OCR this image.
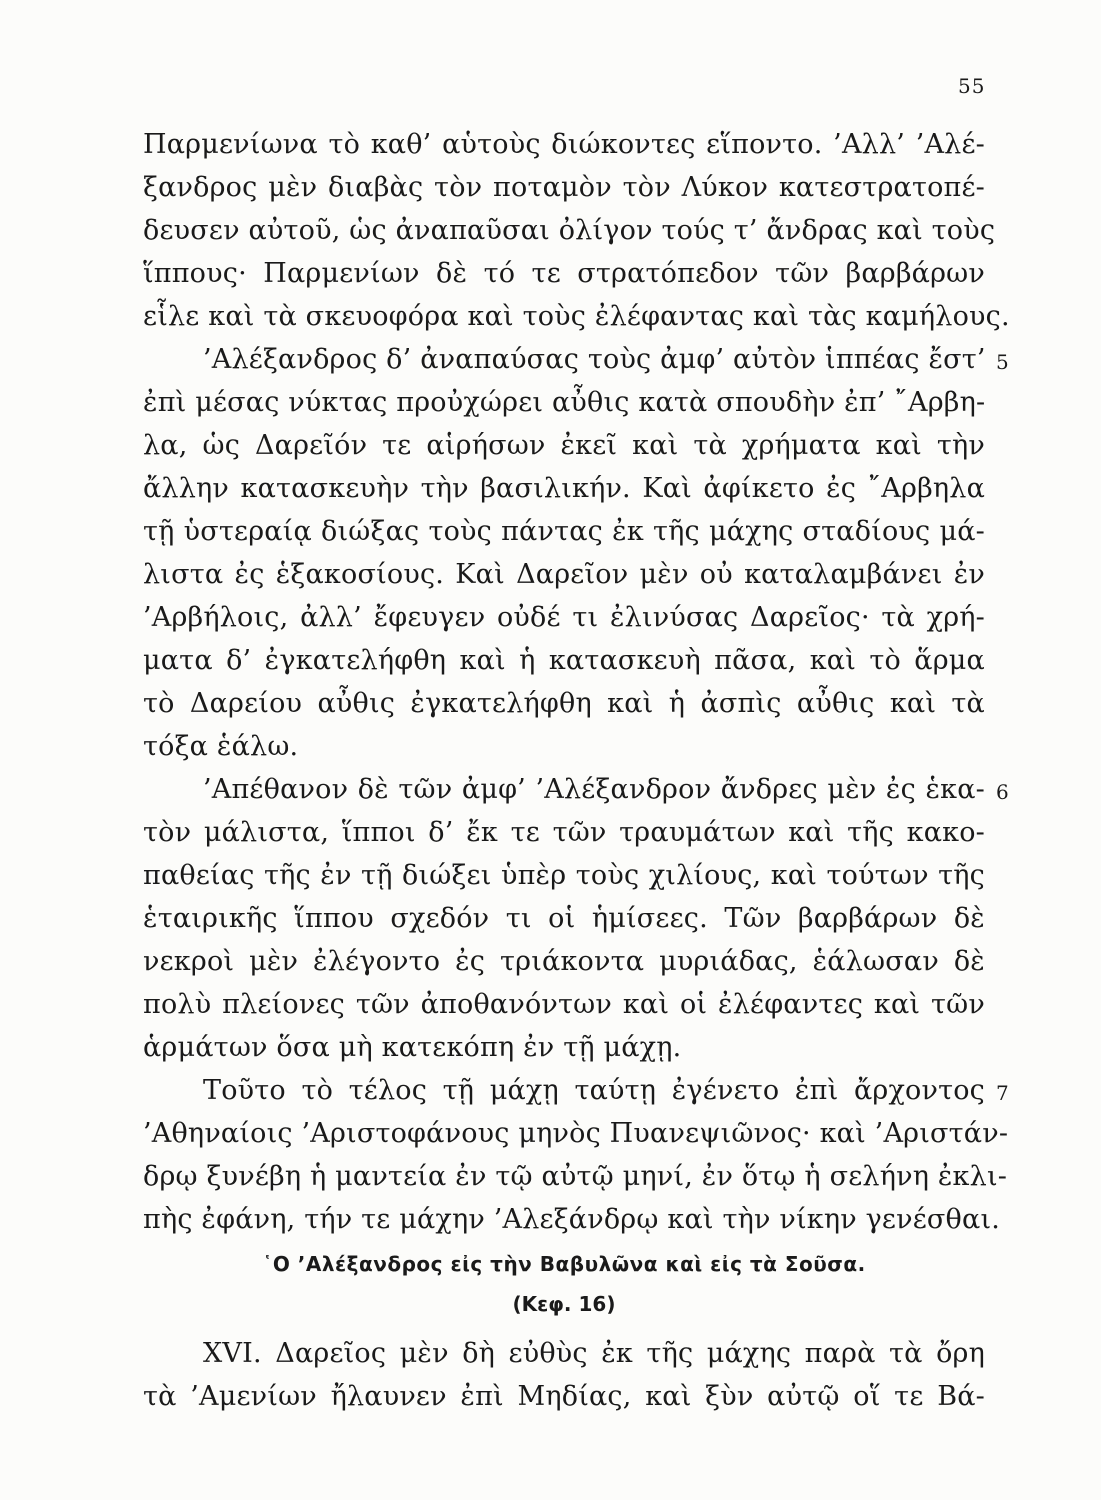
55
Παρμενίωνα τὸ καθ’ αὑτοὺς διώκοντες εἵποντο. ’Αλλ’ ’Αλέ-
ξανδρος μὲν διαβὰς τὸν ποταμὸν τὸν Λύκον κατεστρατοπέ-
δευσεν αὐτοῦ, ὡς ἀναπαῦσαι ὀλίγον τούς τ’ ἄνδρας καὶ τοὺς
ἵππους· Παρμενίων δὲ τό τε στρατόπεδον τῶν βαρβάρων
εἷλε καὶ τὰ σκευοφόρα καὶ τοὺς ἐλέφαντας καὶ τὰς καμήλους.
’Αλέξανδρος δ’ ἀναπαύσας τοὺς ἀμφ’ αὐτὸν ἱππέας ἔστ’ 5
ἐπὶ μέσας νύκτας προὐχώρει αὖθις κατὰ σπουδὴν ἐπ’ ῎Αρβη-
λα, ὡς Δαρεῖόν τε αἱρήσων ἐκεῖ καὶ τὰ χρήματα καὶ τὴν
ἄλλην κατασκευὴν τὴν βασιλικήν. Καὶ ἀφίκετο ἐς ῎Αρβηλα
τῇ ὑστεραίᾳ διώξας τοὺς πάντας ἐκ τῆς μάχης σταδίους μά-
λιστα ἐς ἑξακοσίους. Καὶ Δαρεῖον μὲν οὐ καταλαμβάνει ἐν
’Αρβήλοις, ἀλλ’ ἔφευγεν οὐδέ τι ἐλινύσας Δαρεῖος· τὰ χρή-
ματα δ’ ἐγκατελήφθη καὶ ἡ κατασκευὴ πᾶσα, καὶ τὸ ἅρμα
τὸ Δαρείου αὖθις ἐγκατελήφθη καὶ ἡ ἀσπὶς αὖθις καὶ τὰ
τόξα ἑάλω.
’Απέθανον δὲ τῶν ἀμφ’ ’Αλέξανδρον ἄνδρες μὲν ἐς ἑκα- 6
τὸν μάλιστα, ἵπποι δ’ ἔκ τε τῶν τραυμάτων καὶ τῆς κακο-
παθείας τῆς ἐν τῇ διώξει ὑπὲρ τοὺς χιλίους, καὶ τούτων τῆς
ἑταιρικῆς ἵππου σχεδόν τι οἱ ἡμίσεες. Τῶν βαρβάρων δὲ
νεκροὶ μὲν ἐλέγοντο ἐς τριάκοντα μυριάδας, ἑάλωσαν δὲ
πολὺ πλείονες τῶν ἀποθανόντων καὶ οἱ ἐλέφαντες καὶ τῶν
ἁρμάτων ὅσα μὴ κατεκόπη ἐν τῇ μάχῃ.
Τοῦτο τὸ τέλος τῇ μάχῃ ταύτῃ ἐγένετο ἐπὶ ἄρχοντος 7
’Αθηναίοις ’Αριστοφάνους μηνὸς Πυανεψιῶνος· καὶ ’Αριστάν-
δρῳ ξυνέβη ἡ μαντεία ἐν τῷ αὐτῷ μηνί, ἐν ὅτῳ ἡ σελήνη ἐκλι-
πὴς ἐφάνη, τήν τε μάχην ’Αλεξάνδρῳ καὶ τὴν νίκην γενέσθαι.
῾Ο ’Αλέξανδρος εἰς τὴν Βαβυλῶνα καὶ εἰς τὰ Σοῦσα.
(Κεφ. 16)
XVI. Δαρεῖος μὲν δὴ εὐθὺς ἐκ τῆς μάχης παρὰ τὰ ὄρη
τὰ ’Αμενίων ἤλαυνεν ἐπὶ Μηδίας, καὶ ξὺν αὐτῷ οἵ τε Βά-
